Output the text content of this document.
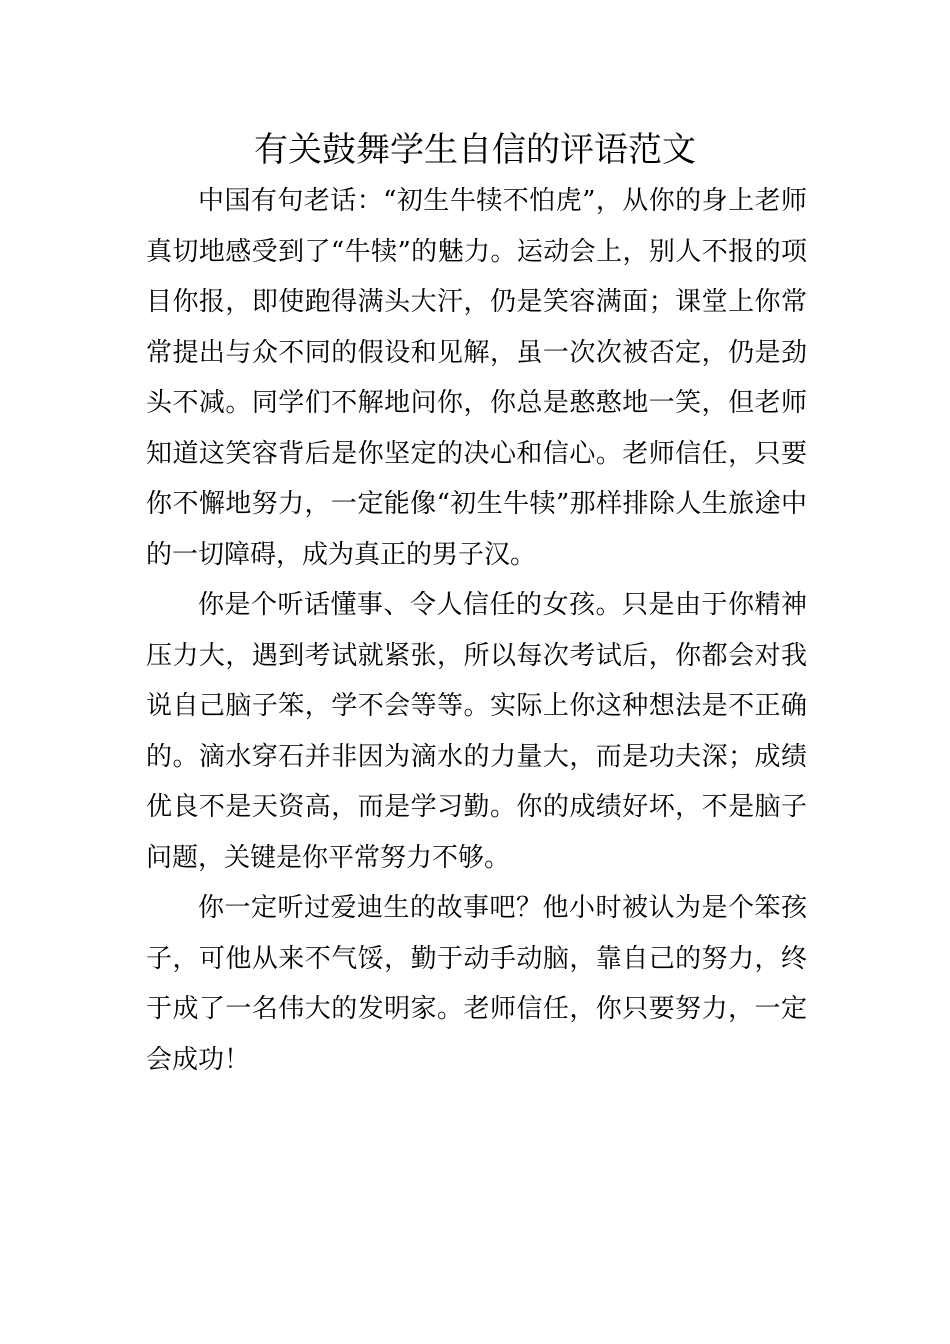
有关鼓舞学生自信的评语范文

中国有句老话：“初生牛犊不怕虎”，从你的身上老师真切地感受到了“牛犊”的魅力。运动会上，别人不报的项目你报，即使跑得满头大汗，仍是笑容满面；课堂上你常常提出与众不同的假设和见解，虽一次次被否定，仍是劲头不减。同学们不解地问你，你总是憨憨地一笑，但老师知道这笑容背后是你坚定的决心和信心。老师信任，只要你不懈地努力，一定能像“初生牛犊”那样排除人生旅途中的一切障碍，成为真正的男子汉。

你是个听话懂事、令人信任的女孩。只是由于你精神压力大，遇到考试就紧张，所以每次考试后，你都会对我说自己脑子笨，学不会等等。实际上你这种想法是不正确的。滴水穿石并非因为滴水的力量大，而是功夫深；成绩优良不是天资高，而是学习勤。你的成绩好坏，不是脑子问题，关键是你平常努力不够。

你一定听过爱迪生的故事吧？他小时被认为是个笨孩子，可他从来不气馁，勤于动手动脑，靠自己的努力，终于成了一名伟大的发明家。老师信任，你只要努力，一定会成功！
